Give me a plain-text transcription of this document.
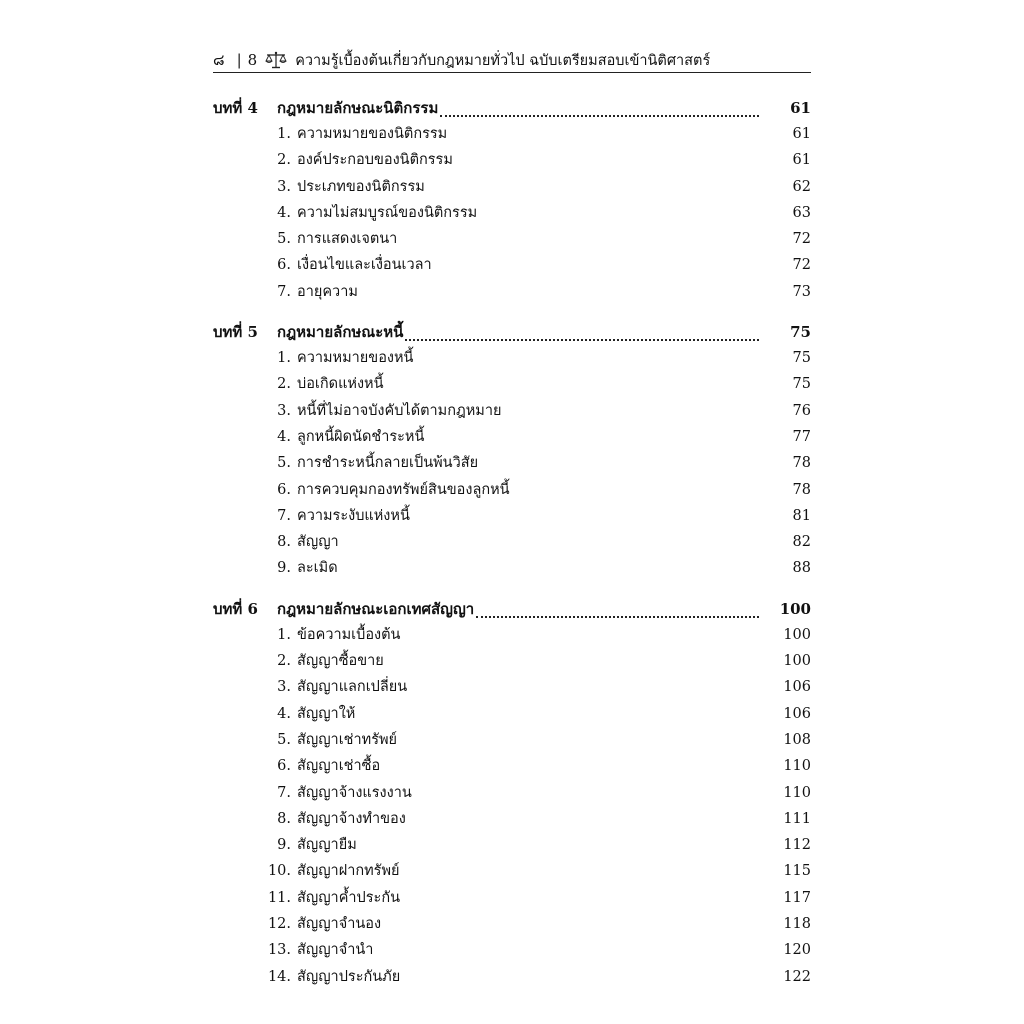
๘ | 8	ความรู้เบื้องต้นเกี่ยวกับกฎหมายทั่วไป ฉบับเตรียมสอบเข้านิติศาสตร์
บทที่ 4	กฎหมายลักษณะนิติกรรม	61
1. ความหมายของนิติกรรม	61
2. องค์ประกอบของนิติกรรม	61
3. ประเภทของนิติกรรม	62
4. ความไม่สมบูรณ์ของนิติกรรม	63
5. การแสดงเจตนา	72
6. เงื่อนไขและเงื่อนเวลา	72
7. อายุความ	73
บทที่ 5	กฎหมายลักษณะหนี้	75
1. ความหมายของหนี้	75
2. บ่อเกิดแห่งหนี้	75
3. หนี้ที่ไม่อาจบังคับได้ตามกฎหมาย	76
4. ลูกหนี้ผิดนัดชำระหนี้	77
5. การชำระหนี้กลายเป็นพ้นวิสัย	78
6. การควบคุมกองทรัพย์สินของลูกหนี้	78
7. ความระงับแห่งหนี้	81
8. สัญญา	82
9. ละเมิด	88
บทที่ 6	กฎหมายลักษณะเอกเทศสัญญา	100
1. ข้อความเบื้องต้น	100
2. สัญญาซื้อขาย	100
3. สัญญาแลกเปลี่ยน	106
4. สัญญาให้	106
5. สัญญาเช่าทรัพย์	108
6. สัญญาเช่าซื้อ	110
7. สัญญาจ้างแรงงาน	110
8. สัญญาจ้างทำของ	111
9. สัญญายืม	112
10. สัญญาฝากทรัพย์	115
11. สัญญาค้ำประกัน	117
12. สัญญาจำนอง	118
13. สัญญาจำนำ	120
14. สัญญาประกันภัย	122
